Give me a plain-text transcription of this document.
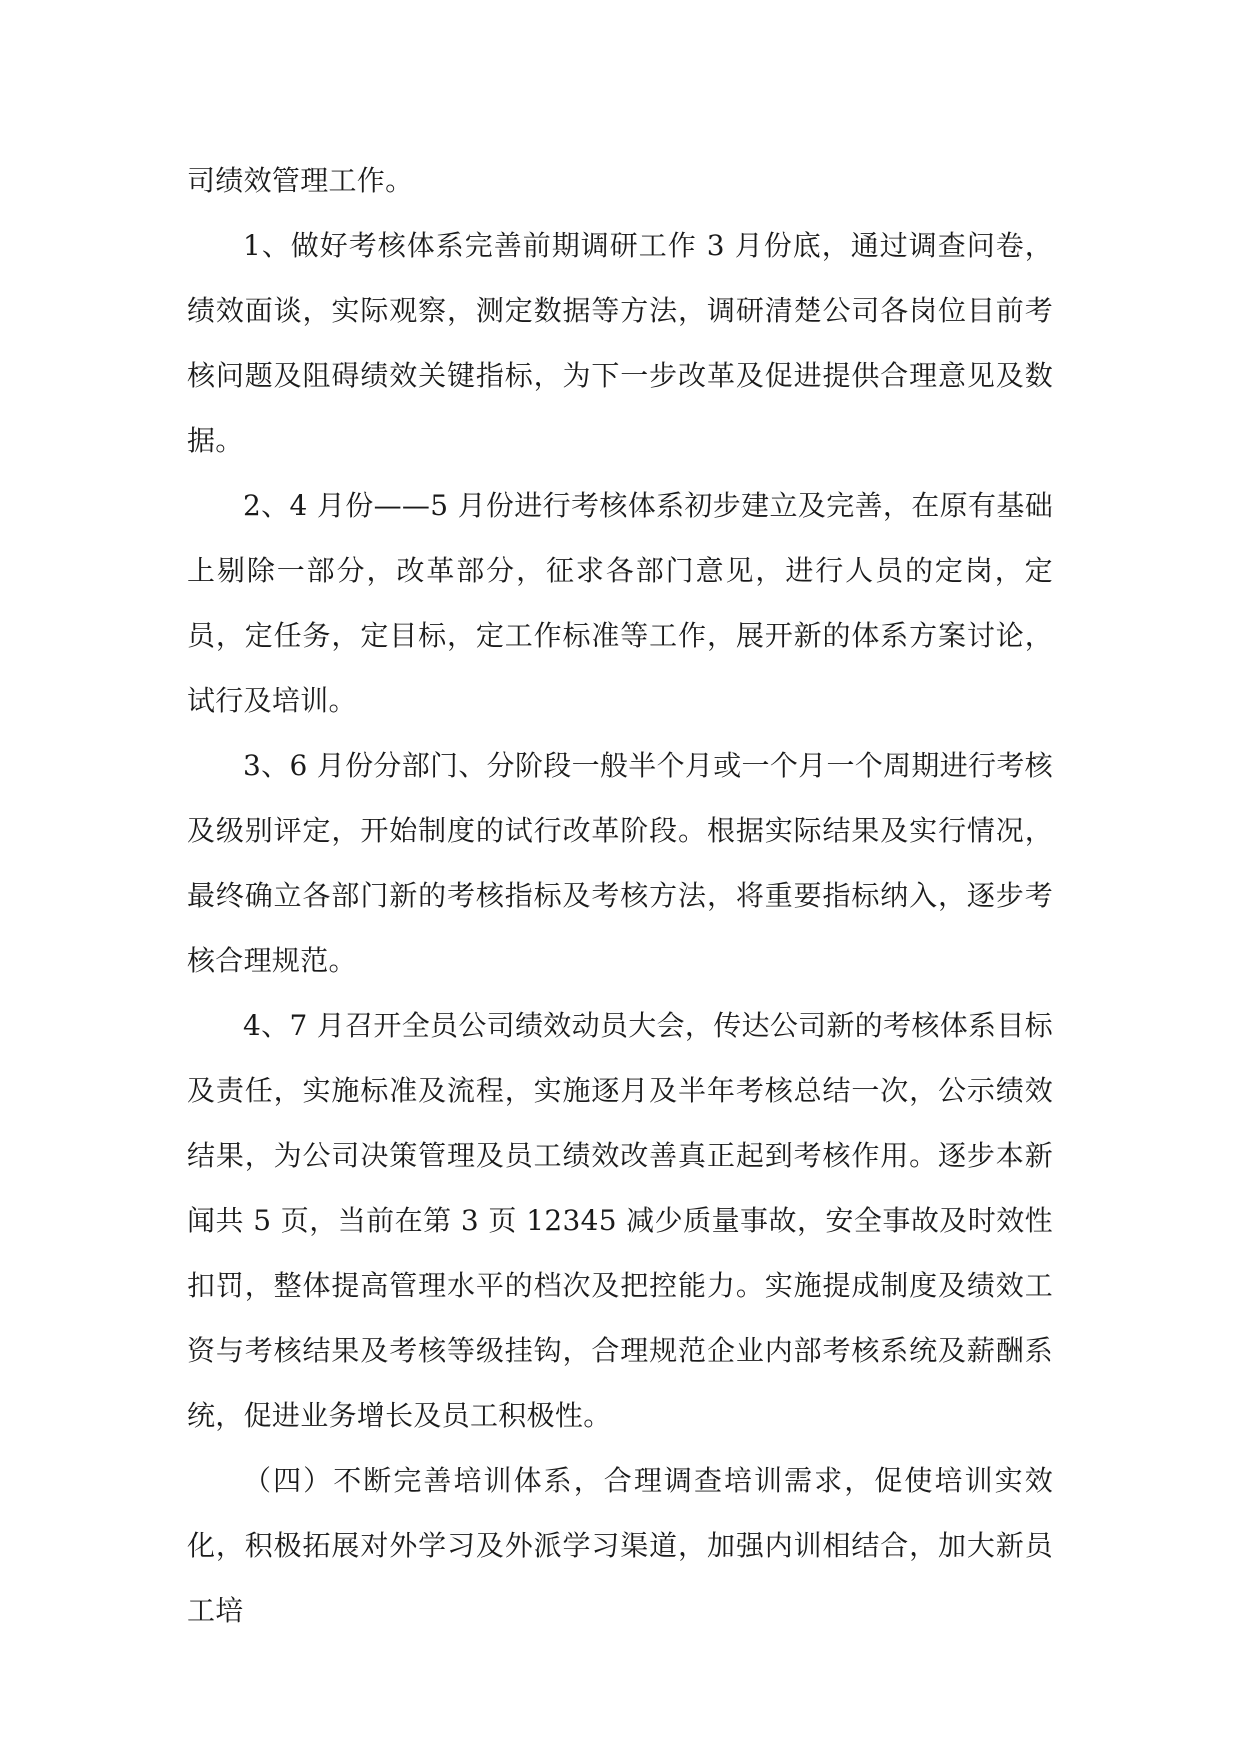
司绩效管理工作。

1、做好考核体系完善前期调研工作 3 月份底，通过调查问卷，绩效面谈，实际观察，测定数据等方法，调研清楚公司各岗位目前考核问题及阻碍绩效关键指标，为下一步改革及促进提供合理意见及数据。

2、4 月份——5 月份进行考核体系初步建立及完善，在原有基础上剔除一部分，改革部分，征求各部门意见，进行人员的定岗，定员，定任务，定目标，定工作标准等工作，展开新的体系方案讨论，试行及培训。

3、6 月份分部门、分阶段一般半个月或一个月一个周期进行考核及级别评定，开始制度的试行改革阶段。根据实际结果及实行情况，最终确立各部门新的考核指标及考核方法，将重要指标纳入，逐步考核合理规范。

4、7 月召开全员公司绩效动员大会，传达公司新的考核体系目标及责任，实施标准及流程，实施逐月及半年考核总结一次，公示绩效结果，为公司决策管理及员工绩效改善真正起到考核作用。逐步本新闻共 5 页，当前在第 3 页 12345 减少质量事故，安全事故及时效性扣罚，整体提高管理水平的档次及把控能力。实施提成制度及绩效工资与考核结果及考核等级挂钩，合理规范企业内部考核系统及薪酬系统，促进业务增长及员工积极性。

（四）不断完善培训体系，合理调查培训需求，促使培训实效化，积极拓展对外学习及外派学习渠道，加强内训相结合，加大新员工培
